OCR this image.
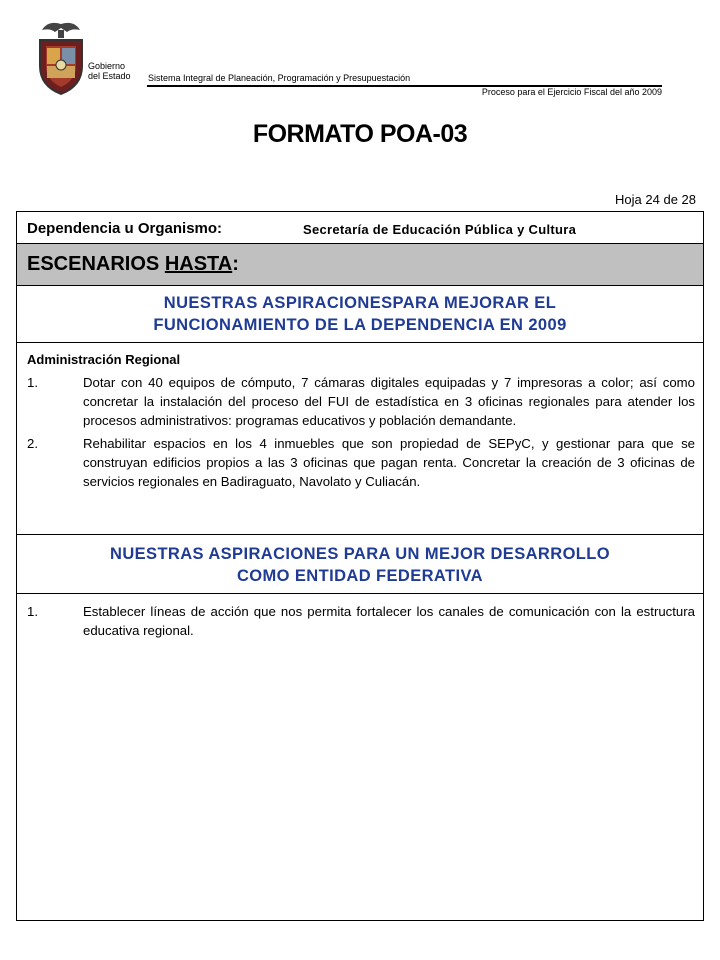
Gobierno
del Estado Sistema Integral de Planeación, Programación y Presupuestación
Proceso para el Ejercicio Fiscal del año 2009
FORMATO POA-03
Hoja 24 de 28
Dependencia u Organismo:	Secretaría de Educación Pública y Cultura
ESCENARIOS HASTA:
NUESTRAS ASPIRACIONESPARA MEJORAR EL
FUNCIONAMIENTO DE LA DEPENDENCIA EN 2009
Administración Regional
1.	Dotar con 40 equipos de cómputo, 7 cámaras digitales equipadas y 7 impresoras a color; así como concretar la instalación del proceso del FUI de estadística en 3 oficinas regionales para atender los procesos administrativos: programas educativos y población demandante.
2.	Rehabilitar espacios en los 4 inmuebles que son propiedad de SEPyC, y gestionar para que se construyan edificios propios a las 3 oficinas que pagan renta. Concretar la creación de 3 oficinas de servicios regionales en Badiraguato, Navolato y Culiacán.
NUESTRAS ASPIRACIONES PARA UN MEJOR DESARROLLO
COMO ENTIDAD FEDERATIVA
1.	Establecer líneas de acción que nos permita fortalecer los canales de comunicación con la estructura educativa regional.
